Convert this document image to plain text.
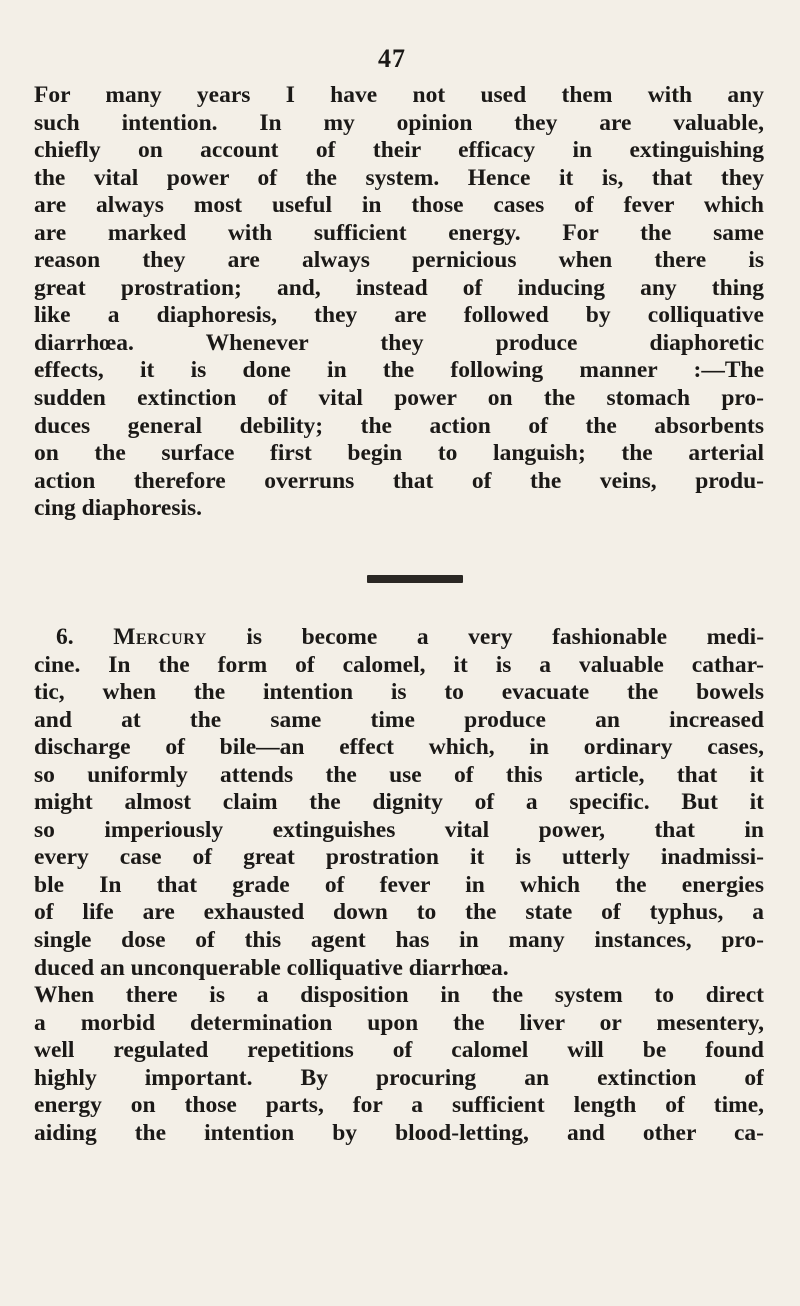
47
For many years I have not used them with any
such intention. In my opinion they are valuable,
chiefly on account of their efficacy in extinguishing
the vital power of the system. Hence it is, that they
are always most useful in those cases of fever which
are marked with sufficient energy. For the same
reason they are always pernicious when there is
great prostration; and, instead of inducing any thing
like a diaphoresis, they are followed by colliquative
diarrhœa. Whenever they produce diaphoretic
effects, it is done in the following manner :—The
sudden extinction of vital power on the stomach pro-
duces general debility; the action of the absorbents
on the surface first begin to languish; the arterial
action therefore overruns that of the veins, produ-
cing diaphoresis.
6. Mercury is become a very fashionable medi-
cine. In the form of calomel, it is a valuable cathar-
tic, when the intention is to evacuate the bowels
and at the same time produce an increased
discharge of bile—an effect which, in ordinary cases,
so uniformly attends the use of this article, that it
might almost claim the dignity of a specific. But it
so imperiously extinguishes vital power, that in
every case of great prostration it is utterly inadmissi-
ble In that grade of fever in which the energies
of life are exhausted down to the state of typhus, a
single dose of this agent has in many instances, pro-
duced an unconquerable colliquative diarrhœa.
When there is a disposition in the system to direct
a morbid determination upon the liver or mesentery,
well regulated repetitions of calomel will be found
highly important. By procuring an extinction of
energy on those parts, for a sufficient length of time,
aiding the intention by blood-letting, and other ca-
